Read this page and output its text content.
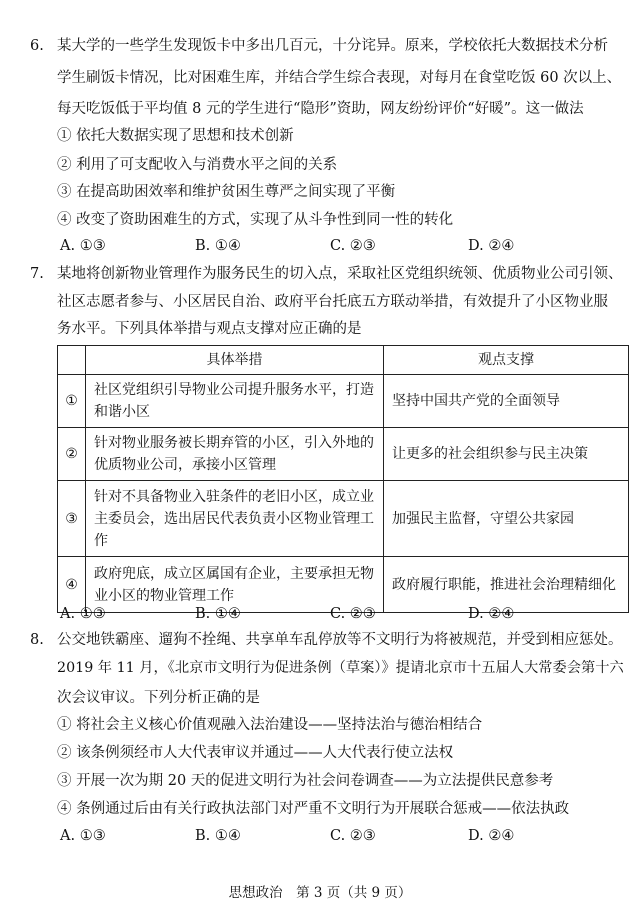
6. 某大学的一些学生发现饭卡中多出几百元，十分诧异。原来，学校依托大数据技术分析
学生刷饭卡情况，比对困难生库，并结合学生综合表现，对每月在食堂吃饭 60 次以上、
每天吃饭低于平均值 8 元的学生进行“隐形”资助，网友纷纷评价“好暖”。这一做法
① 依托大数据实现了思想和技术创新
② 利用了可支配收入与消费水平之间的关系
③ 在提高助困效率和维护贫困生尊严之间实现了平衡
④ 改变了资助困难生的方式，实现了从斗争性到同一性的转化
A. ①③	B. ①④	C. ②③	D. ②④
7. 某地将创新物业管理作为服务民生的切入点，采取社区党组织统领、优质物业公司引领、
社区志愿者参与、小区居民自治、政府平台托底五方联动举措，有效提升了小区物业服
务水平。下列具体举措与观点支撑对应正确的是
	具体举措	观点支撑
①	社区党组织引导物业公司提升服务水平，打造和谐小区	坚持中国共产党的全面领导
②	针对物业服务被长期弃管的小区，引入外地的优质物业公司，承接小区管理	让更多的社会组织参与民主决策
③	针对不具备物业入驻条件的老旧小区，成立业主委员会，选出居民代表负责小区物业管理工作	加强民主监督，守望公共家园
④	政府兜底，成立区属国有企业，主要承担无物业小区的物业管理工作	政府履行职能，推进社会治理精细化
A. ①③	B. ①④	C. ②③	D. ②④
8. 公交地铁霸座、遛狗不拴绳、共享单车乱停放等不文明行为将被规范，并受到相应惩处。
2019 年 11 月，《北京市文明行为促进条例（草案）》提请北京市十五届人大常委会第十六
次会议审议。下列分析正确的是
① 将社会主义核心价值观融入法治建设——坚持法治与德治相结合
② 该条例须经市人大代表审议并通过——人大代表行使立法权
③ 开展一次为期 20 天的促进文明行为社会问卷调查——为立法提供民意参考
④ 条例通过后由有关行政执法部门对严重不文明行为开展联合惩戒——依法执政
A. ①③	B. ①④	C. ②③	D. ②④
思想政治　第 3 页（共 9 页）
